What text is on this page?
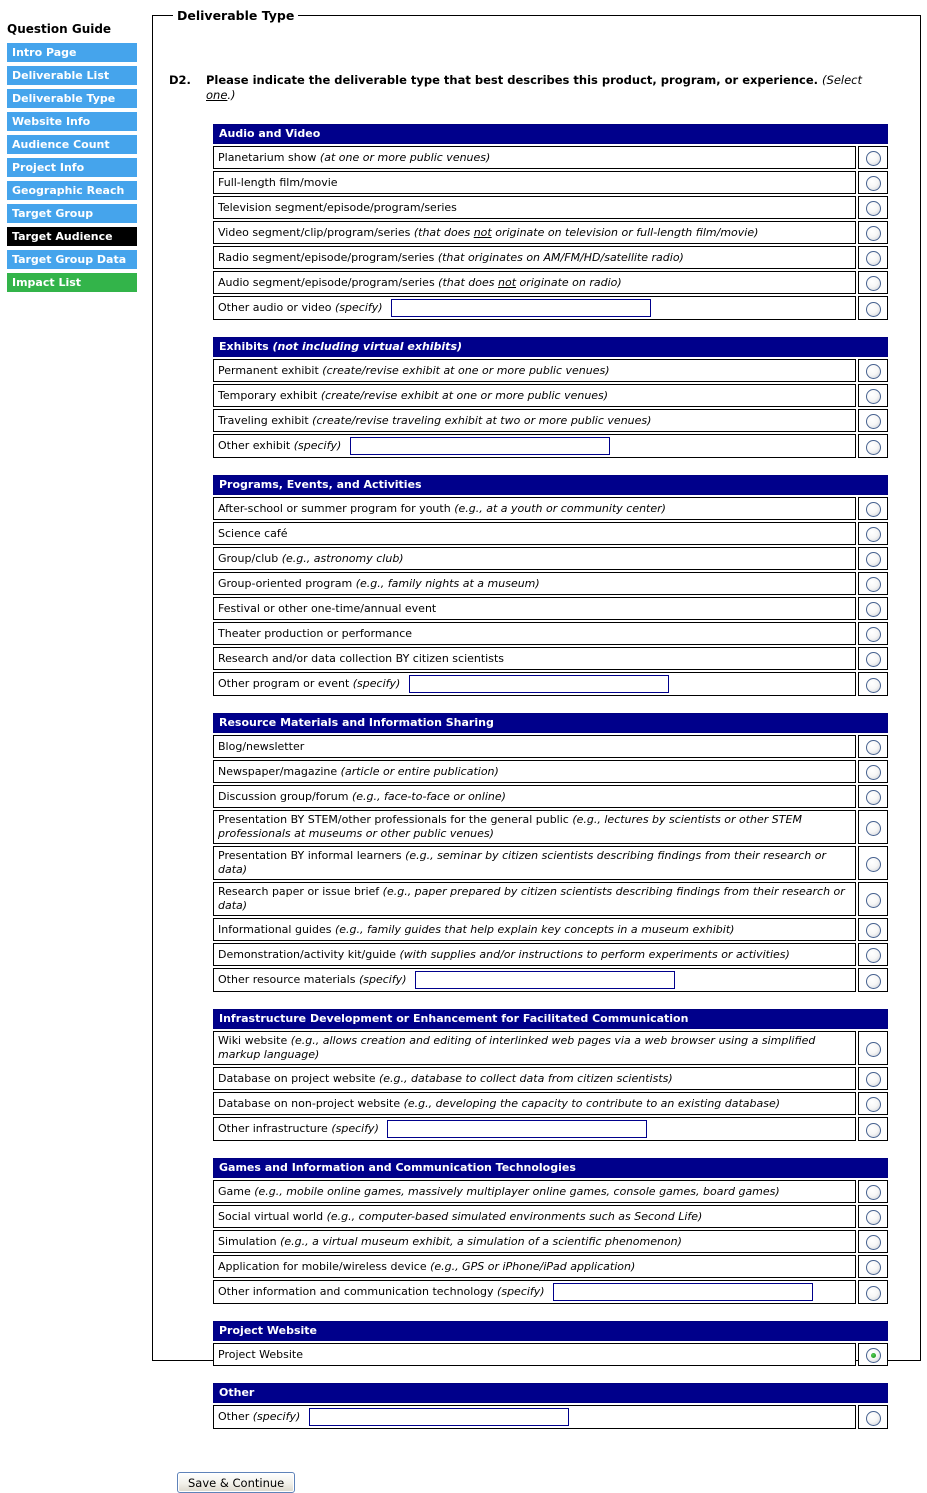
Question Guide
Intro Page
Deliverable List
Deliverable Type
Website Info
Audience Count
Project Info
Geographic Reach
Target Group
Target Audience
Target Group Data
Impact List
Deliverable Type
D2.	Please indicate the deliverable type that best describes this product, program, or experience. (Select one.)
Audio and Video	
Planetarium show (at one or more public venues)	
Full-length film/movie	
Television segment/episode/program/series	
Video segment/clip/program/series (that does not originate on television or full-length film/movie)	
Radio segment/episode/program/series (that originates on AM/FM/HD/satellite radio)	
Audio segment/episode/program/series (that does not originate on radio)	
Other audio or video (specify)	
Exhibits (not including virtual exhibits)	
Permanent exhibit (create/revise exhibit at one or more public venues)	
Temporary exhibit (create/revise exhibit at one or more public venues)	
Traveling exhibit (create/revise traveling exhibit at two or more public venues)	
Other exhibit (specify)	
Programs, Events, and Activities	
After-school or summer program for youth (e.g., at a youth or community center)	
Science café	
Group/club (e.g., astronomy club)	
Group-oriented program (e.g., family nights at a museum)	
Festival or other one-time/annual event	
Theater production or performance	
Research and/or data collection BY citizen scientists	
Other program or event (specify)	
Resource Materials and Information Sharing	
Blog/newsletter	
Newspaper/magazine (article or entire publication)	
Discussion group/forum (e.g., face-to-face or online)	
Presentation BY STEM/other professionals for the general public (e.g., lectures by scientists or other STEM professionals at museums or other public venues)	
Presentation BY informal learners (e.g., seminar by citizen scientists describing findings from their research or data)	
Research paper or issue brief (e.g., paper prepared by citizen scientists describing findings from their research or data)	
Informational guides (e.g., family guides that help explain key concepts in a museum exhibit)	
Demonstration/activity kit/guide (with supplies and/or instructions to perform experiments or activities)	
Other resource materials (specify)	
Infrastructure Development or Enhancement for Facilitated Communication	
Wiki website (e.g., allows creation and editing of interlinked web pages via a web browser using a simplified markup language)	
Database on project website (e.g., database to collect data from citizen scientists)	
Database on non-project website (e.g., developing the capacity to contribute to an existing database)	
Other infrastructure (specify)	
Games and Information and Communication Technologies	
Game (e.g., mobile online games, massively multiplayer online games, console games, board games)	
Social virtual world (e.g., computer-based simulated environments such as Second Life)	
Simulation (e.g., a virtual museum exhibit, a simulation of a scientific phenomenon)	
Application for mobile/wireless device (e.g., GPS or iPhone/iPad application)	
Other information and communication technology (specify)	
Project Website
Project Website	
Other
Other (specify)	
Save & Continue
